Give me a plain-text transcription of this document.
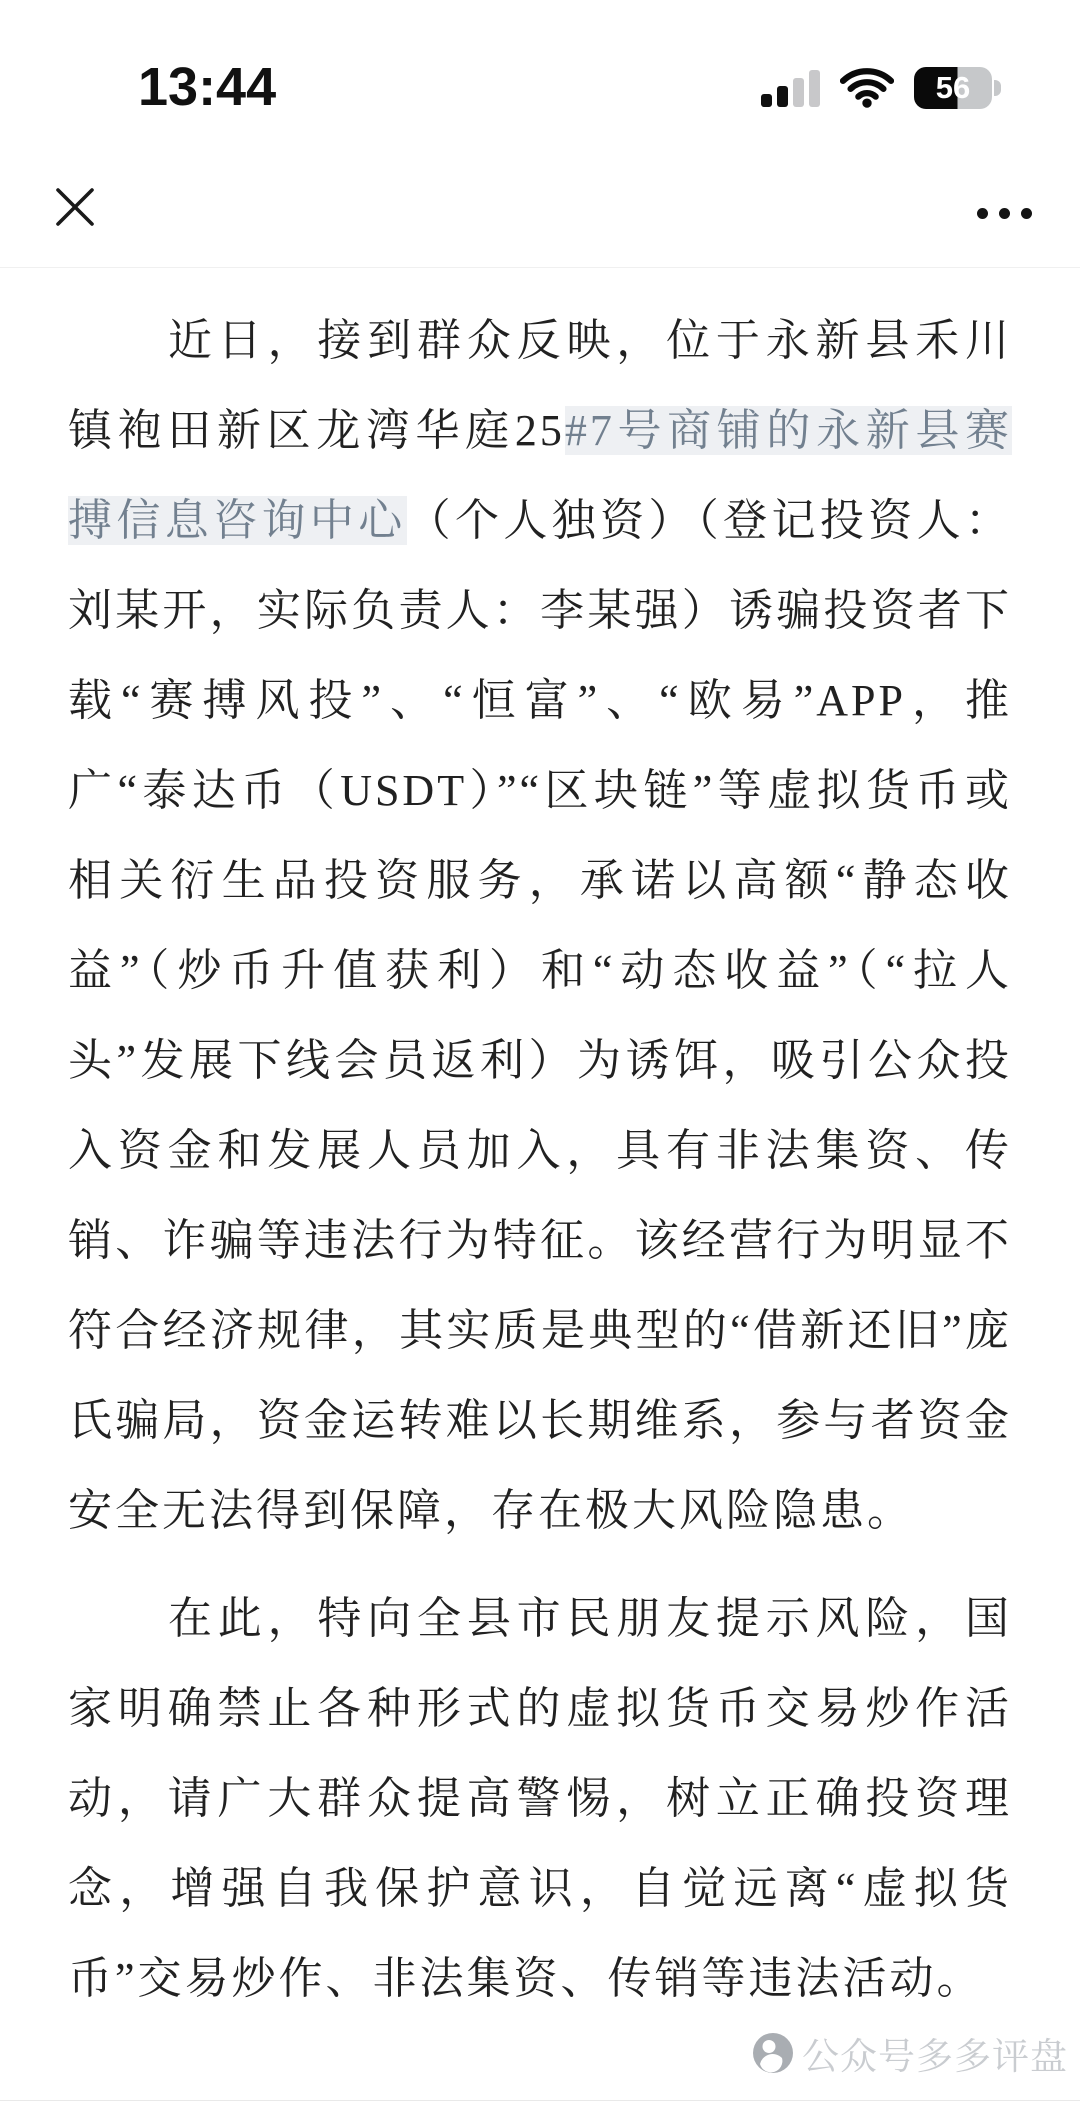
13:44	56
公众号多多评盘

近日，接到群众反映，位于永新县禾川镇袍田新区龙湾华庭25#7号商铺的永新县赛搏信息咨询中心（个人独资）（登记投资人：刘某开，实际负责人：李某强）诱骗投资者下载“赛搏风投”、“恒富”、“欧易”APP，推广“泰达币（USDT）”“区块链”等虚拟货币或相关衍生品投资服务，承诺以高额“静态收益”（炒币升值获利）和“动态收益”（“拉人头”发展下线会员返利）为诱饵，吸引公众投入资金和发展人员加入，具有非法集资、传销、诈骗等违法行为特征。该经营行为明显不符合经济规律，其实质是典型的“借新还旧”庞氏骗局，资金运转难以长期维系，参与者资金安全无法得到保障，存在极大风险隐患。

在此，特向全县市民朋友提示风险，国家明确禁止各种形式的虚拟货币交易炒作活动，请广大群众提高警惕，树立正确投资理念，增强自我保护意识，自觉远离“虚拟货币”交易炒作、非法集资、传销等违法活动。
